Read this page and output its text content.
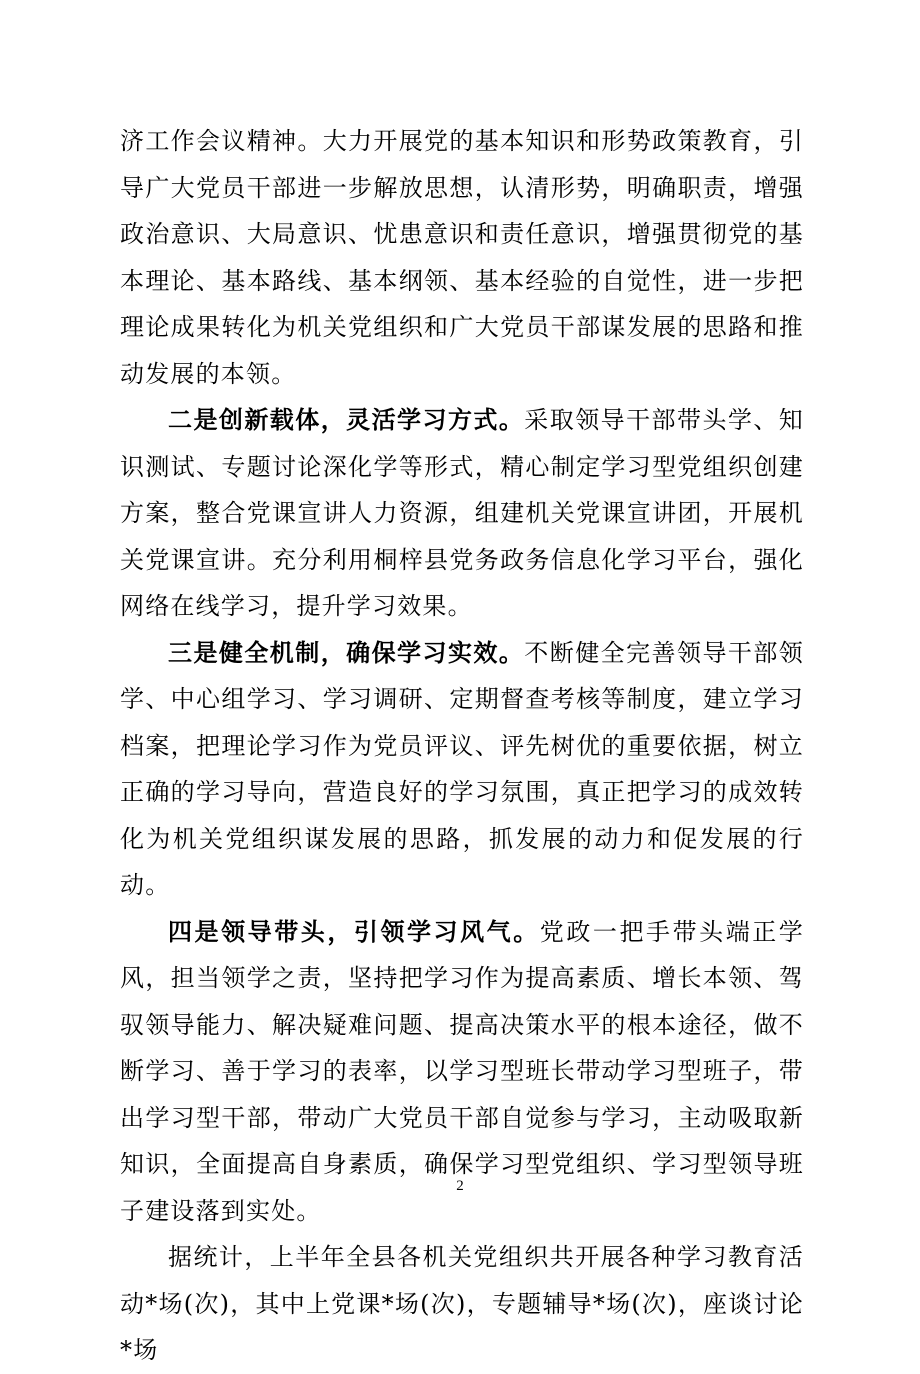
济工作会议精神。大力开展党的基本知识和形势政策教育，引导广大党员干部进一步解放思想，认清形势，明确职责，增强政治意识、大局意识、忧患意识和责任意识，增强贯彻党的基本理论、基本路线、基本纲领、基本经验的自觉性，进一步把理论成果转化为机关党组织和广大党员干部谋发展的思路和推动发展的本领。

二是创新载体，灵活学习方式。采取领导干部带头学、知识测试、专题讨论深化学等形式，精心制定学习型党组织创建方案，整合党课宣讲人力资源，组建机关党课宣讲团，开展机关党课宣讲。充分利用桐梓县党务政务信息化学习平台，强化网络在线学习，提升学习效果。

三是健全机制，确保学习实效。不断健全完善领导干部领学、中心组学习、学习调研、定期督查考核等制度，建立学习档案，把理论学习作为党员评议、评先树优的重要依据，树立正确的学习导向，营造良好的学习氛围，真正把学习的成效转化为机关党组织谋发展的思路，抓发展的动力和促发展的行动。

四是领导带头，引领学习风气。党政一把手带头端正学风，担当领学之责，坚持把学习作为提高素质、增长本领、驾驭领导能力、解决疑难问题、提高决策水平的根本途径，做不断学习、善于学习的表率，以学习型班长带动学习型班子，带出学习型干部，带动广大党员干部自觉参与学习，主动吸取新知识，全面提高自身素质，确保学习型党组织、学习型领导班子建设落到实处。

据统计，上半年全县各机关党组织共开展各种学习教育活动*场(次)，其中上党课*场(次)，专题辅导*场(次)，座谈讨论*场

2
